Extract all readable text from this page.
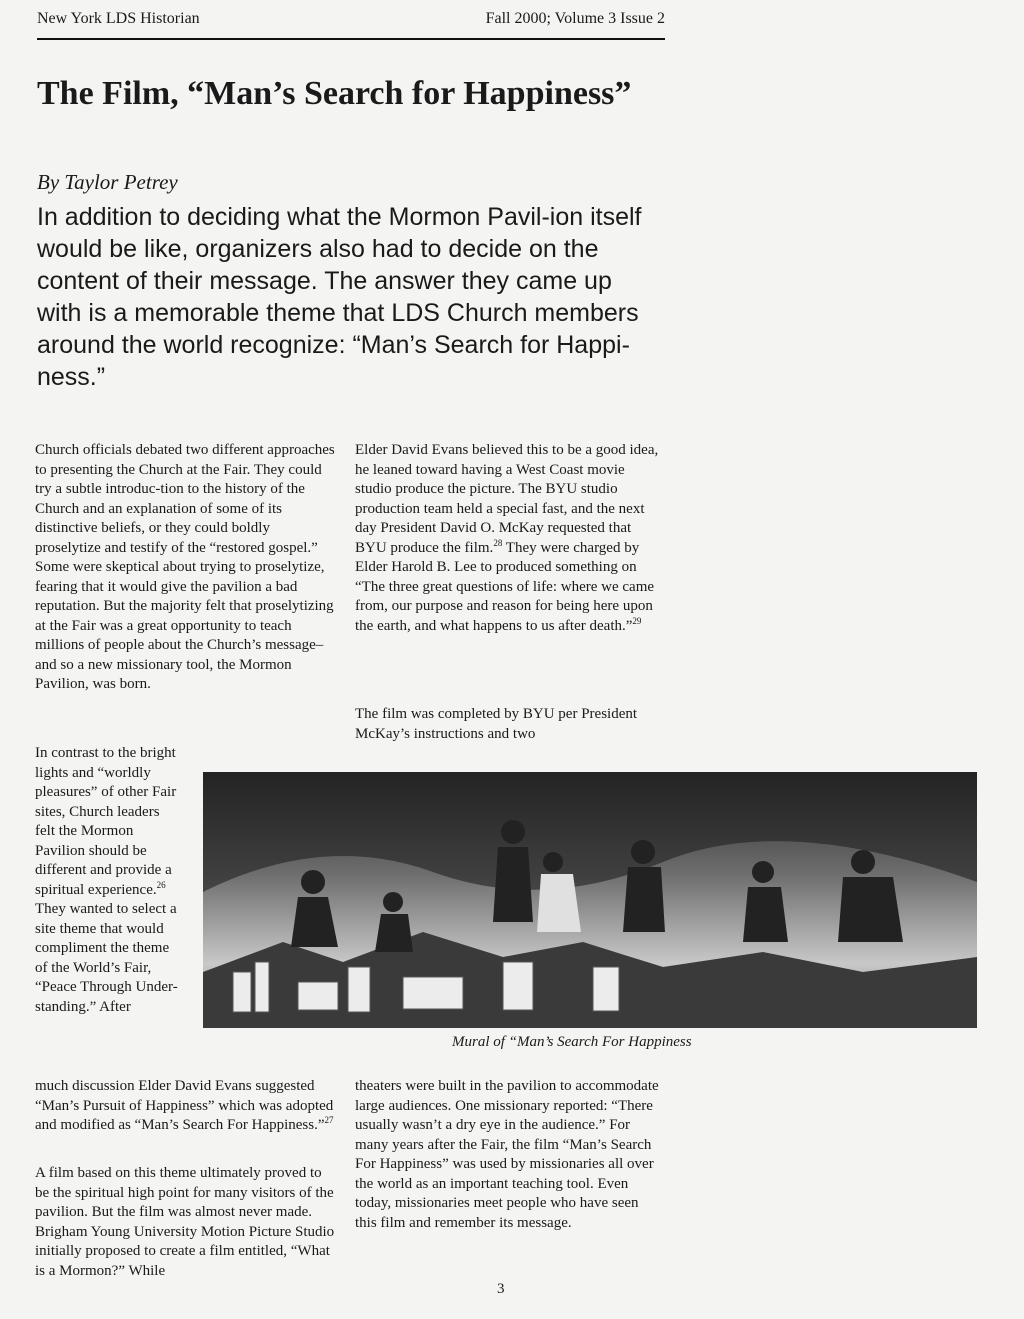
New York LDS Historian	Fall 2000; Volume 3 Issue 2
The Film, “Man’s Search for Happiness”
By Taylor Petrey

In addition to deciding what the Mormon Pavil-ion itself would be like, organizers also had to decide on the content of their message. The answer they came up with is a memorable theme that LDS Church members around the world recognize: “Man’s Search for Happi-ness.”

Church officials debated two different approaches to presenting the Church at the Fair. They could try a subtle introduc-tion to the history of the Church and an explanation of some of its distinctive beliefs, or they could boldly proselytize and testify of the “restored gospel.” Some were skeptical about trying to proselytize, fearing that it would give the pavilion a bad reputation. But the majority felt that proselytizing at the Fair was a great opportunity to teach millions of people about the Church’s message–and so a new missionary tool, the Mormon Pavilion, was born.

Elder David Evans believed this to be a good idea, he leaned toward having a West Coast movie studio produce the picture. The BYU studio production team held a special fast, and the next day President David O. McKay requested that BYU produce the film.$^{28}$ They were charged by Elder Harold B. Lee to produced something on “The three great questions of life: where we came from, our purpose and reason for being here upon the earth, and what happens to us after death.”$^{29}$

The film was completed by BYU per President McKay’s instructions and two

In contrast to the bright lights and “worldly pleasures” of other Fair sites, Church leaders felt the Mormon Pavilion should be different and provide a spiritual experience.$^{26}$ They wanted to select a site theme that would compliment the theme of the World’s Fair, “Peace Through Under-standing.” After

Mural of “Man’s Search For Happiness

much discussion Elder David Evans suggested “Man’s Pursuit of Happiness” which was adopted and modified as “Man’s Search For Happiness.”$^{27}$

A film based on this theme ultimately proved to be the spiritual high point for many visitors of the pavilion. But the film was almost never made. Brigham Young University Motion Picture Studio initially proposed to create a film entitled, “What is a Mormon?” While

theaters were built in the pavilion to accommodate large audiences. One missionary reported: “There usually wasn’t a dry eye in the audience.” For many years after the Fair, the film “Man’s Search For Happiness” was used by missionaries all over the world as an important teaching tool. Even today, missionaries meet people who have seen this film and remember its message.

3
